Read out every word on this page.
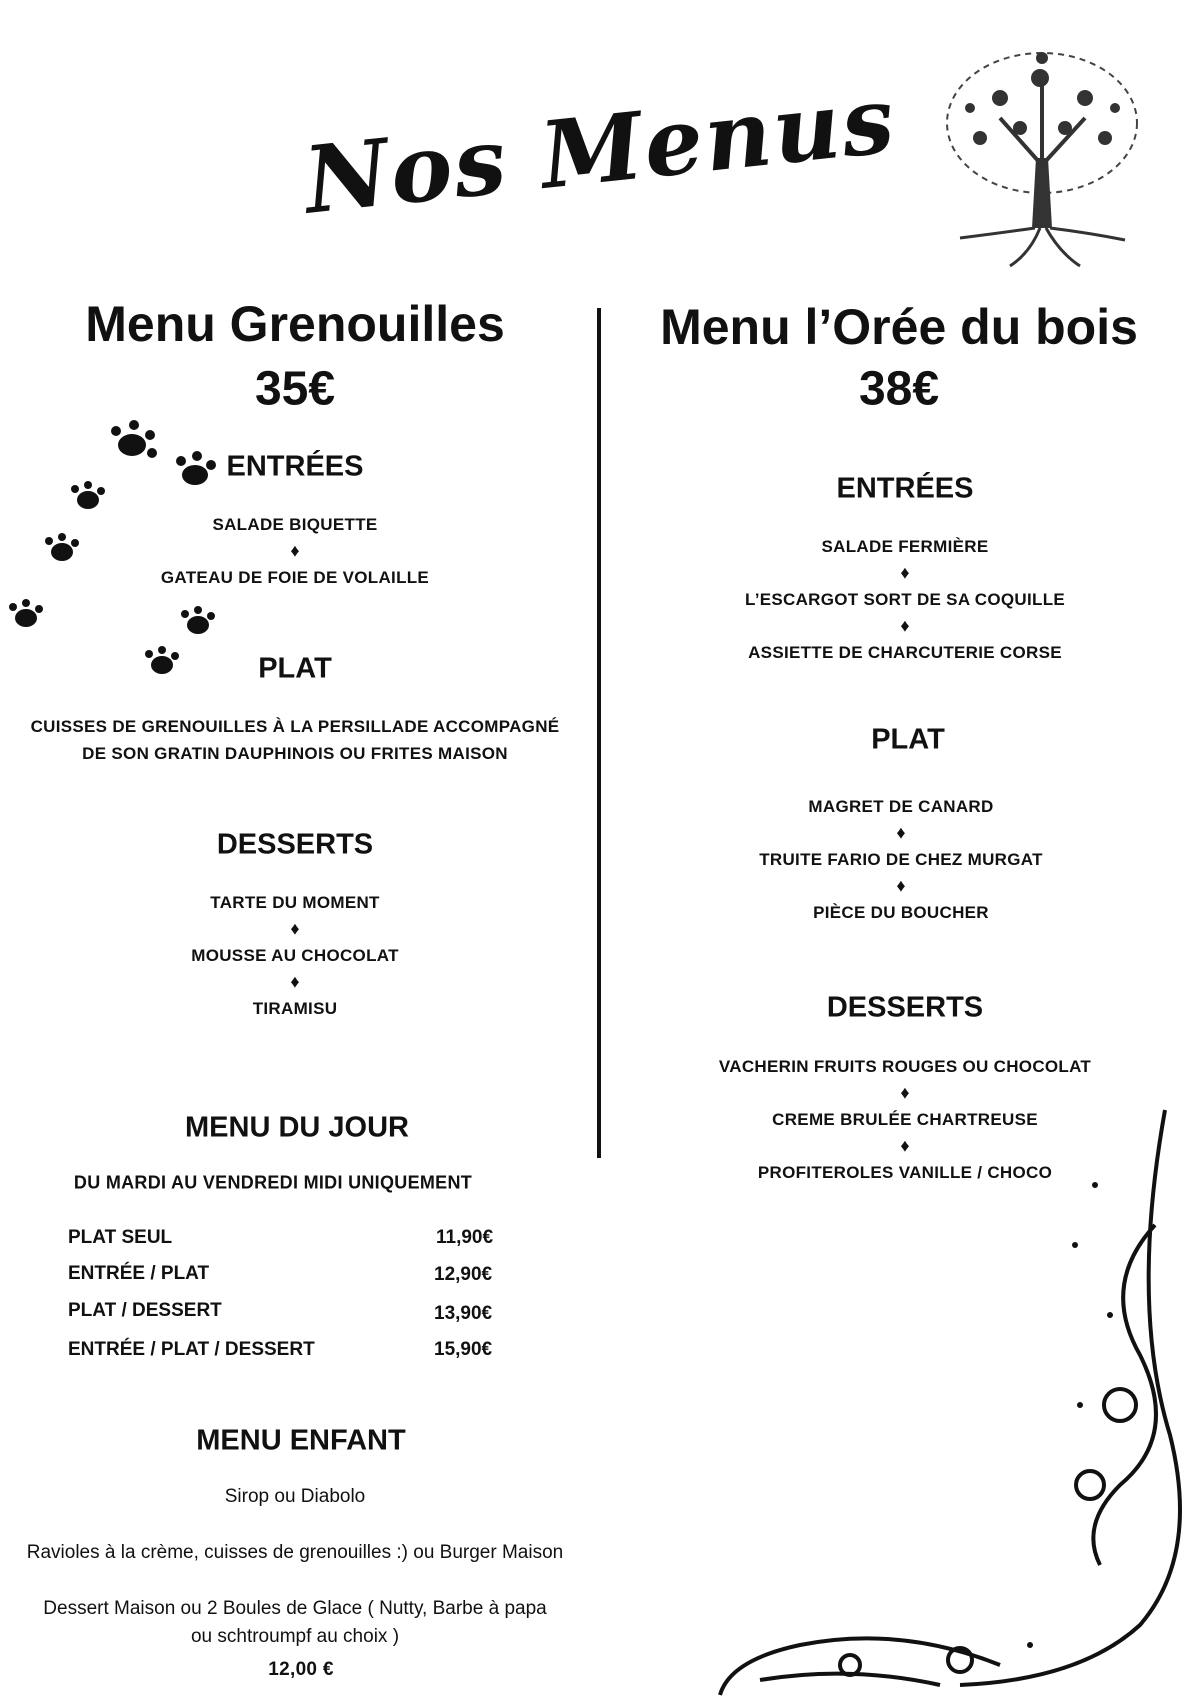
Nos Menus
Menu Grenouilles
35€
ENTRÉES
SALADE BIQUETTE
♦
GATEAU DE FOIE DE VOLAILLE
PLAT
CUISSES DE GRENOUILLES À LA PERSILLADE ACCOMPAGNÉ
DE SON GRATIN DAUPHINOIS OU FRITES MAISON
DESSERTS
TARTE DU MOMENT
♦
MOUSSE AU CHOCOLAT
♦
TIRAMISU
MENU DU JOUR
DU MARDI AU VENDREDI MIDI UNIQUEMENT
PLAT SEUL	11,90€
ENTRÉE / PLAT	12,90€
PLAT / DESSERT	13,90€
ENTRÉE / PLAT / DESSERT	15,90€
MENU ENFANT
Sirop ou Diabolo
Ravioles à la crème, cuisses de grenouilles :) ou Burger Maison
Dessert Maison ou 2 Boules de Glace ( Nutty, Barbe à papa
ou schtroumpf au choix )
12,00 €
Menu l’Orée du bois
38€
ENTRÉES
SALADE FERMIÈRE
♦
L’ESCARGOT SORT DE SA COQUILLE
♦
ASSIETTE DE CHARCUTERIE CORSE
PLAT
MAGRET DE CANARD
♦
TRUITE FARIO DE CHEZ MURGAT
♦
PIÈCE DU BOUCHER
DESSERTS
VACHERIN FRUITS ROUGES OU CHOCOLAT
♦
CREME BRULÉE CHARTREUSE
♦
PROFITEROLES VANILLE / CHOCO
